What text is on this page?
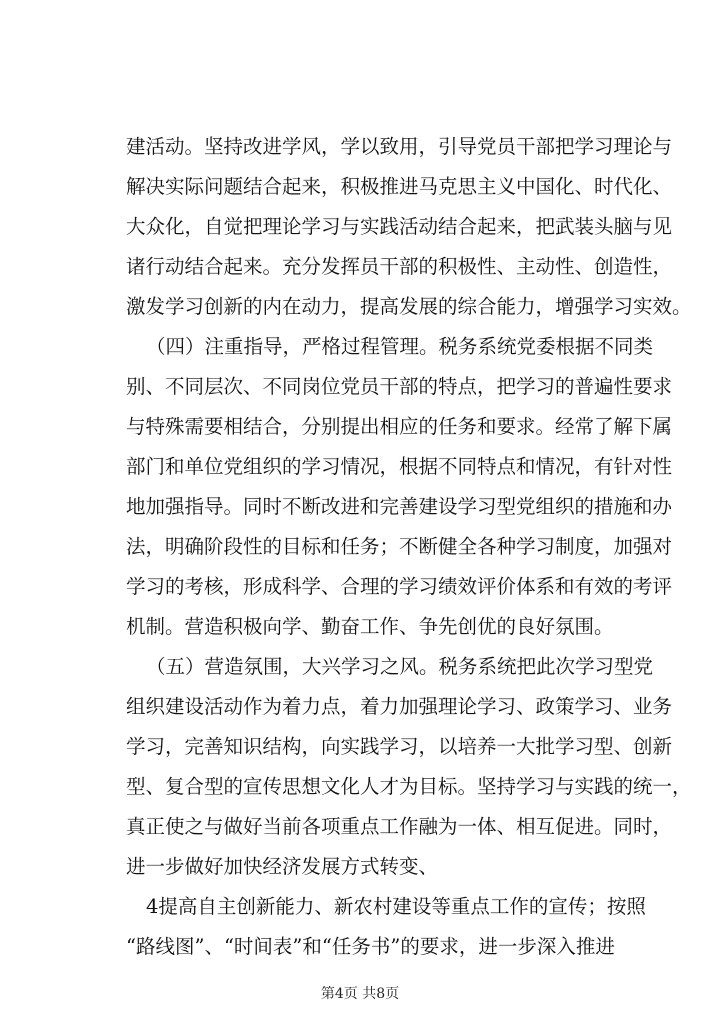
建活动。坚持改进学风，学以致用，引导党员干部把学习理论与
解决实际问题结合起来，积极推进马克思主义中国化、时代化、
大众化，自觉把理论学习与实践活动结合起来，把武装头脑与见
诸行动结合起来。充分发挥员干部的积极性、主动性、创造性，
激发学习创新的内在动力，提高发展的综合能力，增强学习实效。
（四）注重指导，严格过程管理。税务系统党委根据不同类
别、不同层次、不同岗位党员干部的特点，把学习的普遍性要求
与特殊需要相结合，分别提出相应的任务和要求。经常了解下属
部门和单位党组织的学习情况，根据不同特点和情况，有针对性
地加强指导。同时不断改进和完善建设学习型党组织的措施和办
法，明确阶段性的目标和任务；不断健全各种学习制度，加强对
学习的考核，形成科学、合理的学习绩效评价体系和有效的考评
机制。营造积极向学、勤奋工作、争先创优的良好氛围。
（五）营造氛围，大兴学习之风。税务系统把此次学习型党
组织建设活动作为着力点，着力加强理论学习、政策学习、业务
学习，完善知识结构，向实践学习，以培养一大批学习型、创新
型、复合型的宣传思想文化人才为目标。坚持学习与实践的统一，
真正使之与做好当前各项重点工作融为一体、相互促进。同时，
进一步做好加快经济发展方式转变、
4提高自主创新能力、新农村建设等重点工作的宣传；按照
“路线图”、“时间表”和“任务书”的要求，进一步深入推进
第4页 共8页
